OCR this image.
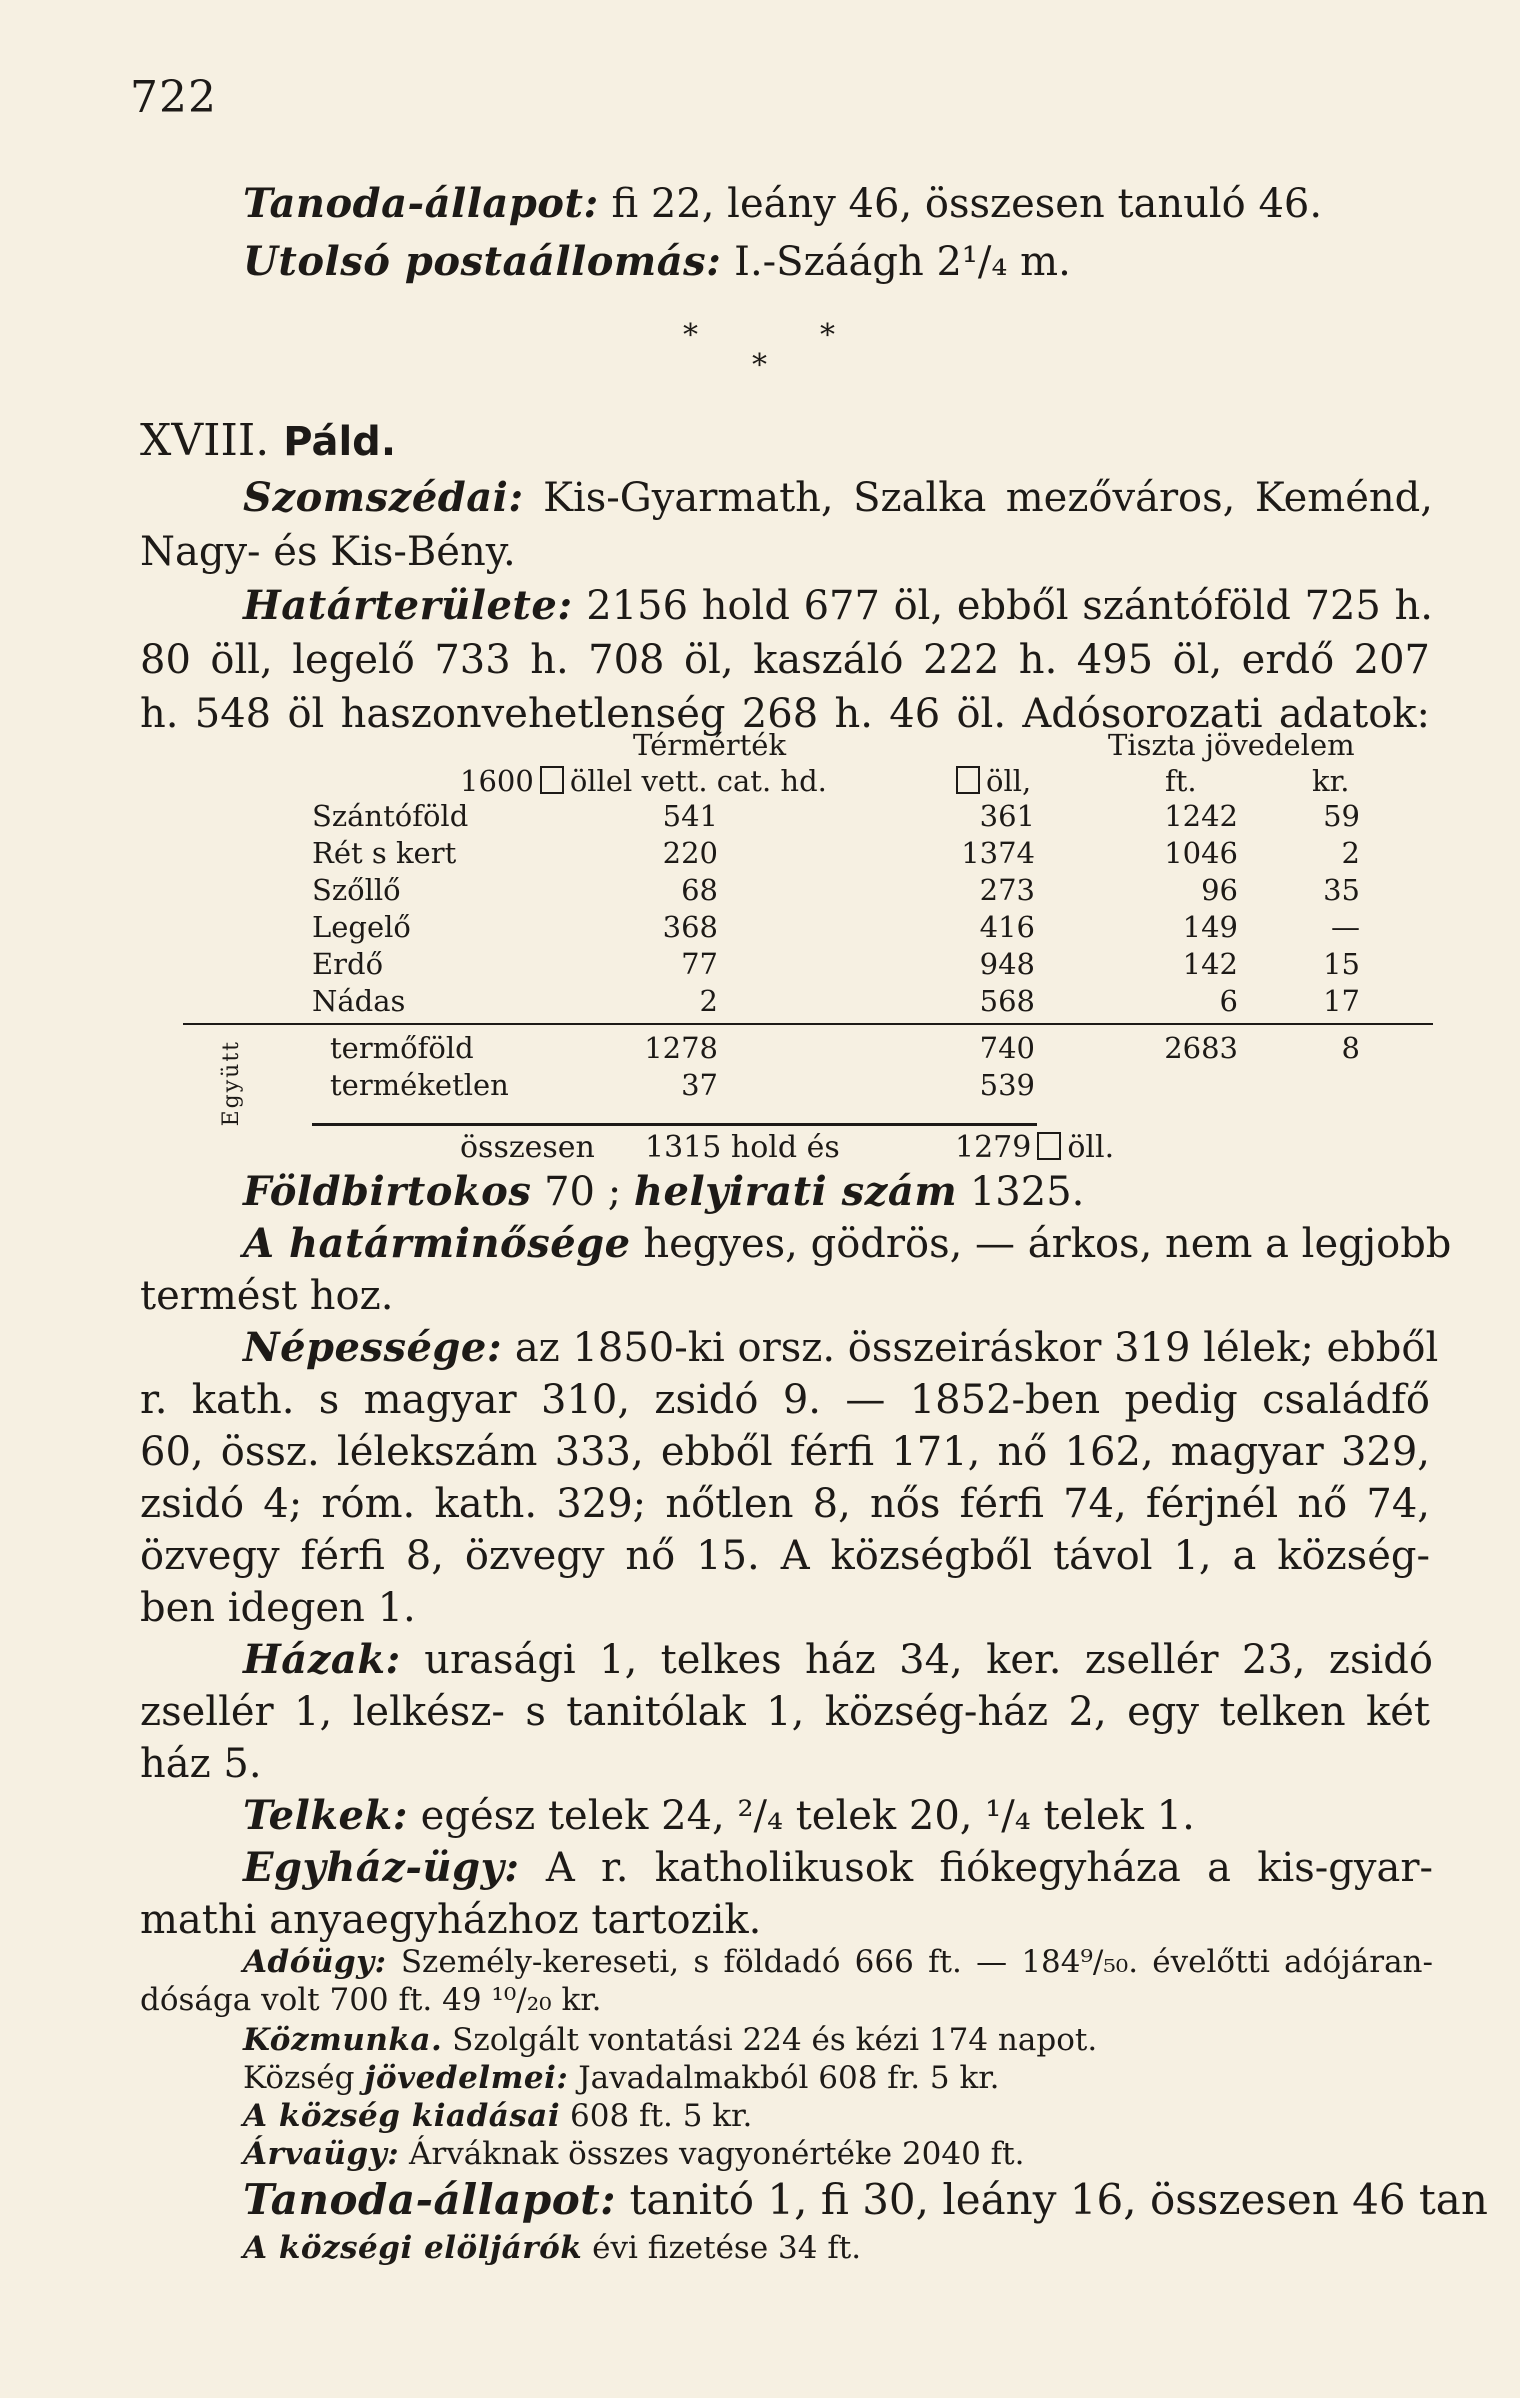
722
Tanoda-állapot: fi 22, leány 46, összesen tanuló 46.
Utolsó postaállomás: I.-Száágh 2¹/₄ m.
*	*
*
XVIII. Páld.
Szomszédai: Kis-Gyarmath, Szalka mezőváros, Keménd,
Nagy- és Kis-Bény.
Határterülete: 2156 hold 677 öl, ebből szántóföld 725 h.
80 öll, legelő 733 h. 708 öl, kaszáló 222 h. 495 öl, erdő 207
h. 548 öl haszonvehetlenség 268 h. 46 öl. Adósorozati adatok:
Térmérték	Tiszta jövedelem
1600 öllel vett. cat. hd.	öll,	ft.	kr.
Szántóföld	541	361	1242	59
Rét s kert	220	1374	1046	2
Szőllő	68	273	96	35
Legelő	368	416	149	—
Erdő	77	948	142	15
Nádas	2	568	6	17
Együtt	termőföld	1278	740	2683	8
terméketlen	37	539
összesen 1315 hold és	1279 öll.
Földbirtokos 70 ; helyirati szám 1325.
A határminősége hegyes, gödrös, — árkos, nem a legjobb
termést hoz.
Népessége: az 1850-ki orsz. összeiráskor 319 lélek; ebből
r. kath. s magyar 310, zsidó 9. — 1852-ben pedig családfő
60, össz. lélekszám 333, ebből férfi 171, nő 162, magyar 329,
zsidó 4; róm. kath. 329; nőtlen 8, nős férfi 74, férjnél nő 74,
özvegy férfi 8, özvegy nő 15. A községből távol 1, a község-
ben idegen 1.
Házak: urasági 1, telkes ház 34, ker. zsellér 23, zsidó
zsellér 1, lelkész- s tanitólak 1, község-ház 2, egy telken két
ház 5.
Telkek: egész telek 24, ²/₄ telek 20, ¹/₄ telek 1.
Egyház-ügy: A r. katholikusok fiókegyháza a kis-gyar-
mathi anyaegyházhoz tartozik.
Adóügy: Személy-kereseti, s földadó 666 ft. — 184⁹/₅₀. évelőtti adójáran-
dósága volt 700 ft. 49 ¹⁰/₂₀ kr.
Közmunka. Szolgált vontatási 224 és kézi 174 napot.
Község jövedelmei: Javadalmakból 608 fr. 5 kr.
A község kiadásai 608 ft. 5 kr.
Árvaügy: Árváknak összes vagyonértéke 2040 ft.
Tanoda-állapot: tanitó 1, fi 30, leány 16, összesen 46 tan
A községi elöljárók évi fizetése 34 ft.
